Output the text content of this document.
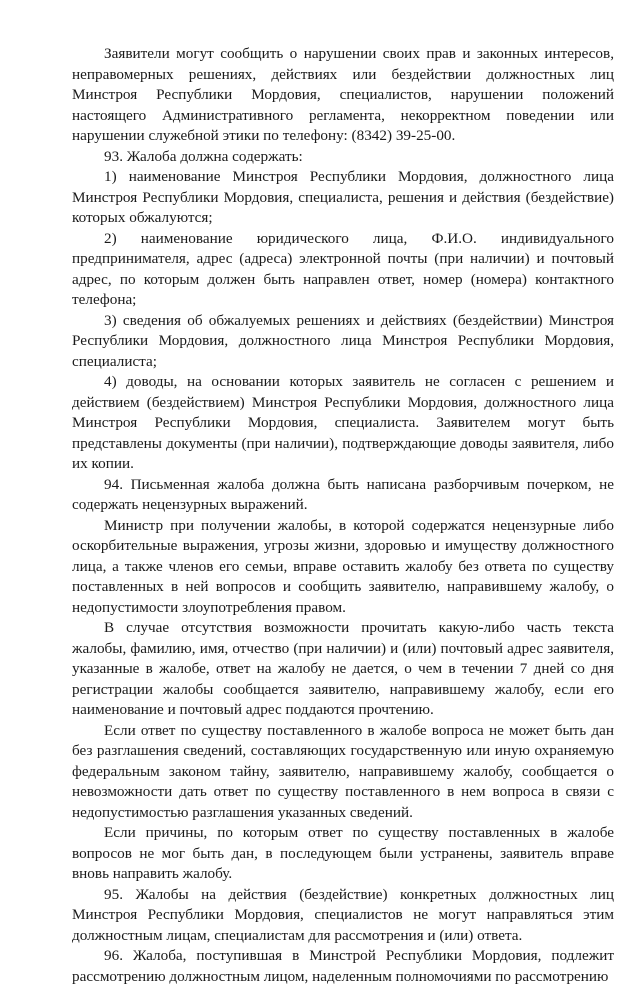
Заявители могут сообщить о нарушении своих прав и законных интересов, неправомерных решениях, действиях или бездействии должностных лиц Минстроя Республики Мордовия, специалистов, нарушении положений настоящего Административного регламента, некорректном поведении или нарушении служебной этики по телефону: (8342) 39-25-00.

93. Жалоба должна содержать:

1) наименование Минстроя Республики Мордовия, должностного лица Минстроя Республики Мордовия, специалиста, решения и действия (бездействие) которых обжалуются;

2) наименование юридического лица, Ф.И.О. индивидуального предпринимателя, адрес (адреса) электронной почты (при наличии) и почтовый адрес, по которым должен быть направлен ответ, номер (номера) контактного телефона;

3) сведения об обжалуемых решениях и действиях (бездействии) Минстроя Республики Мордовия, должностного лица Минстроя Республики Мордовия, специалиста;

4) доводы, на основании которых заявитель не согласен с решением и действием (бездействием) Минстроя Республики Мордовия, должностного лица Минстроя Республики Мордовия, специалиста. Заявителем могут быть представлены документы (при наличии), подтверждающие доводы заявителя, либо их копии.

94. Письменная жалоба должна быть написана разборчивым почерком, не содержать нецензурных выражений.

Министр при получении жалобы, в которой содержатся нецензурные либо оскорбительные выражения, угрозы жизни, здоровью и имуществу должностного лица, а также членов его семьи, вправе оставить жалобу без ответа по существу поставленных в ней вопросов и сообщить заявителю, направившему жалобу, о недопустимости злоупотребления правом.

В случае отсутствия возможности прочитать какую-либо часть текста жалобы, фамилию, имя, отчество (при наличии) и (или) почтовый адрес заявителя, указанные в жалобе, ответ на жалобу не дается, о чем в течении 7 дней со дня регистрации жалобы сообщается заявителю, направившему жалобу, если его наименование и почтовый адрес поддаются прочтению.

Если ответ по существу поставленного в жалобе вопроса не может быть дан без разглашения сведений, составляющих государственную или иную охраняемую федеральным законом тайну, заявителю, направившему жалобу, сообщается о невозможности дать ответ по существу поставленного в нем вопроса в связи с недопустимостью разглашения указанных сведений.

Если причины, по которым ответ по существу поставленных в жалобе вопросов не мог быть дан, в последующем были устранены, заявитель вправе вновь направить жалобу.

95. Жалобы на действия (бездействие) конкретных должностных лиц Минстроя Республики Мордовия, специалистов не могут направляться этим должностным лицам, специалистам для рассмотрения и (или) ответа.

96. Жалоба, поступившая в Минстрой Республики Мордовия, подлежит рассмотрению должностным лицом, наделенным полномочиями по рассмотрению
